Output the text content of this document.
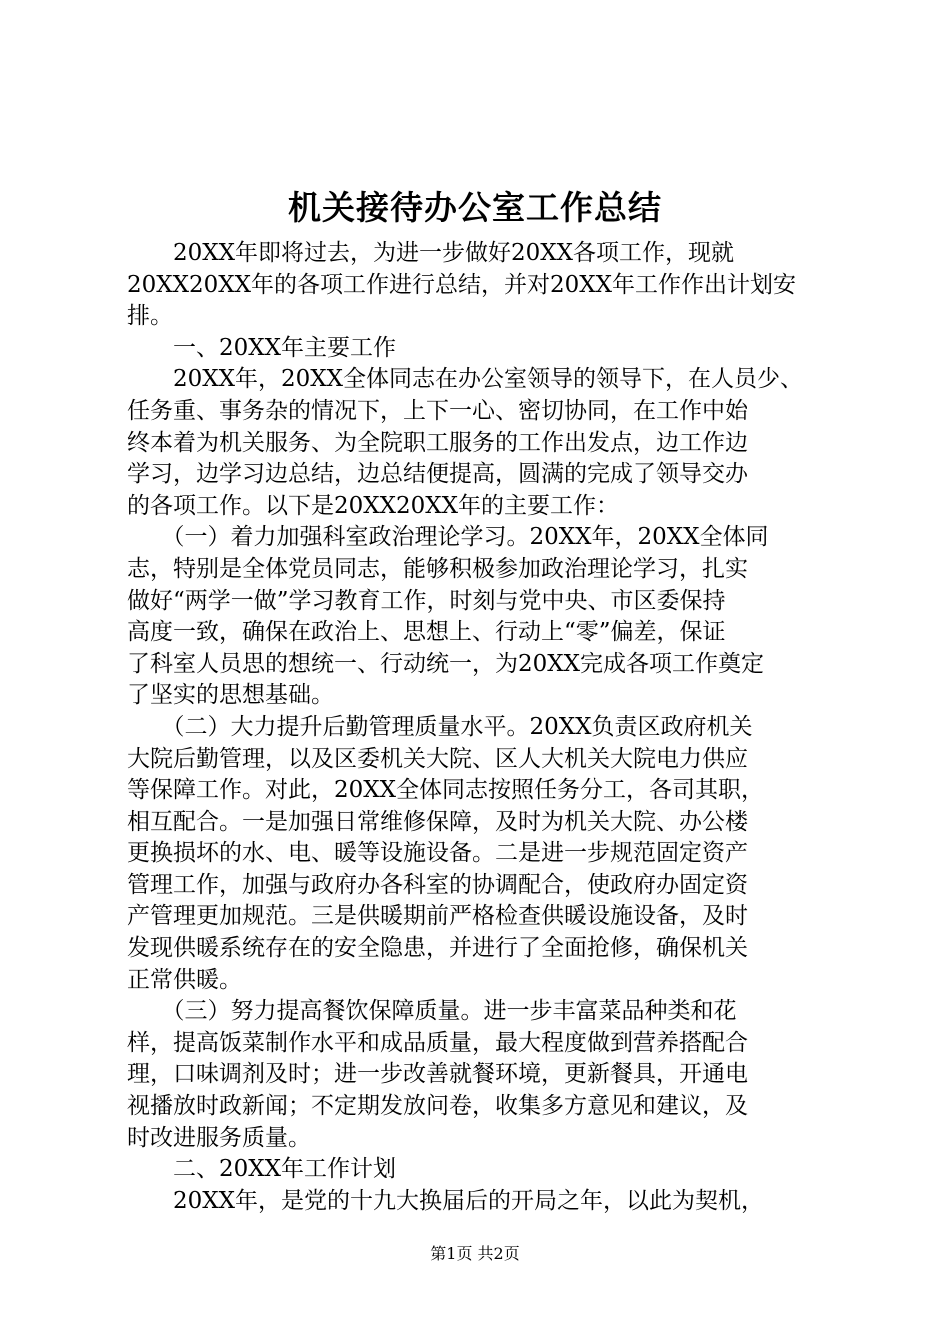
机关接待办公室工作总结
　　20XX年即将过去，为进一步做好20XX各项工作，现就
20XX20XX年的各项工作进行总结，并对20XX年工作作出计划安
排。
　　一、20XX年主要工作
　　20XX年，20XX全体同志在办公室领导的领导下，在人员少、
任务重、事务杂的情况下，上下一心、密切协同，在工作中始
终本着为机关服务、为全院职工服务的工作出发点，边工作边
学习，边学习边总结，边总结便提高，圆满的完成了领导交办
的各项工作。以下是20XX20XX年的主要工作：
　　（一）着力加强科室政治理论学习。20XX年，20XX全体同
志，特别是全体党员同志，能够积极参加政治理论学习，扎实
做好“两学一做”学习教育工作，时刻与党中央、市区委保持
高度一致，确保在政治上、思想上、行动上“零”偏差，保证
了科室人员思的想统一、行动统一，为20XX完成各项工作奠定
了坚实的思想基础。
　　（二）大力提升后勤管理质量水平。20XX负责区政府机关
大院后勤管理，以及区委机关大院、区人大机关大院电力供应
等保障工作。对此，20XX全体同志按照任务分工，各司其职，
相互配合。一是加强日常维修保障，及时为机关大院、办公楼
更换损坏的水、电、暖等设施设备。二是进一步规范固定资产
管理工作，加强与政府办各科室的协调配合，使政府办固定资
产管理更加规范。三是供暖期前严格检查供暖设施设备，及时
发现供暖系统存在的安全隐患，并进行了全面抢修，确保机关
正常供暖。
　　（三）努力提高餐饮保障质量。进一步丰富菜品种类和花
样，提高饭菜制作水平和成品质量，最大程度做到营养搭配合
理，口味调剂及时；进一步改善就餐环境，更新餐具，开通电
视播放时政新闻；不定期发放问卷，收集多方意见和建议，及
时改进服务质量。
　　二、20XX年工作计划
　　20XX年，是党的十九大换届后的开局之年，以此为契机，
第1页 共2页
